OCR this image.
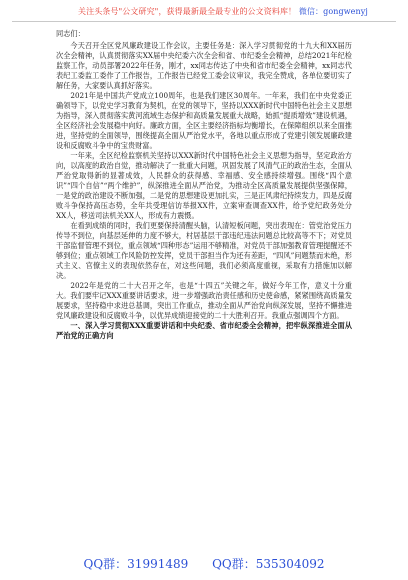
关注头条号"公文研究"，获得最新最全最专业的公文资料库！ 微信：gongwenyj

同志们：

今天召开全区党风廉政建设工作会议，主要任务是：深入学习贯彻党的十九大和XX届历次全会精神，认真贯彻落实XX届中央纪委六次全会和省、市纪委全会精神，总结2021年纪检监察工作，动员部署2022年任务，刚才，xx同志传达了中央和省市纪委全会精神，xx同志代表纪工委监工委作了工作报告，工作报告已经党工委会议审议，我完全赞成，各单位要切实了解任务，大家要认真抓好落实。

2021年是中国共产党成立100周年，也是我们建区30周年。一年来，我们在中央党委正确领导下，以党史学习教育为契机，在党的领导下，坚持以XXX新时代中国特色社会主义思想为指导，深入贯彻落实黄河流域生态保护和高质量发展重大战略，始抓“提质增效”建设机遇，全区经济社会发展稳中向好。廉政方面，全区主要经济指标均衡增长，在保障组织以来全面推进，坚持党的全面领导，围绕提高全面从严治党水平，各地以重点形成了党建引领发展廉政建设和反腐败斗争中的宝贵财富。

一年来，全区纪检监察机关坚持以XXX新时代中国特色社会主义思想为指导，坚定政治方向，以高度的政治自觉，推动解决了一批重大问题，巩固发展了风清气正的政治生态，全面从严治党取得新的显著成效，人民群众的获得感、幸福感、安全感持续增强。围绕“四个意识”“四个自信”“两个维护”，纵深推进全面从严治党，为推动全区高质量发展提供坚强保障，一是党的政治建设不断加强，二是党的思想建设更加扎实，三是正风肃纪持续发力，四是反腐败斗争保持高压态势，全年共受理信访举报XX件，立案审查调查XX件，给予党纪政务处分XX人，移送司法机关XX人，形成有力震慑。

在看到成绩的同时，我们更要保持清醒头脑，认清短板问题，突出表现在：管党治党压力传导不到位，向基层延伸的力度不够大，村居基层干部违纪违法问题总比较高等不下；对党员干部监督管理不到位，重点领域“四种形态”运用不够精准，对党员干部加强教育管理提醒还不够到位；重点领域工作风险防控发挥，党员干部担当作为还有差距，“四风”问题禁而未绝，形式主义、官僚主义的表现依然存在，对这些问题，我们必须高度重视，采取有力措施加以解决。

2022年是党的二十大召开之年，也是“十四五”关键之年，做好今年工作，意义十分重大。我们要牢记XXX重要讲话要求，进一步增强政治责任感和历史使命感，紧紧围绕高质量发展要求，坚持稳中求进总基调，突出工作重点，推动全面从严治党向纵深发展，坚持不懈推进党风廉政建设和反腐败斗争，以优异成绩迎接党的二十大胜利召开。我重点强调四个方面。

一、深入学习贯彻XXX重要讲话和中央纪委、省市纪委全会精神，把牢纵深推进全面从严治党的正确方向

QQ群：31991489 QQ群：535304092
